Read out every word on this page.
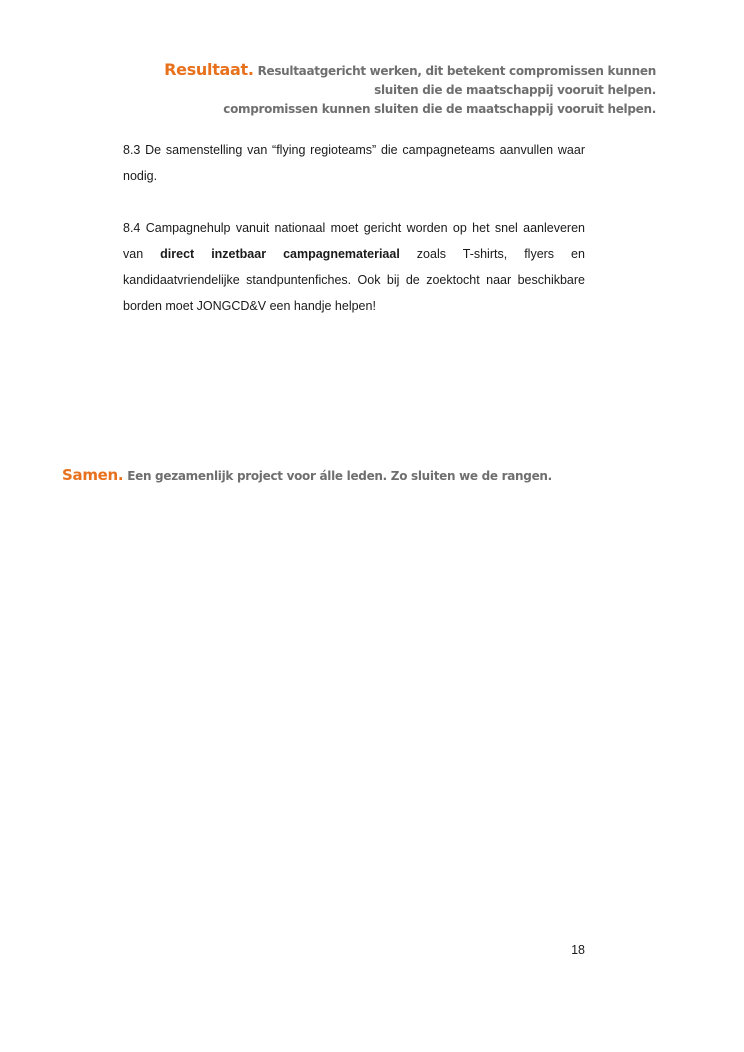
Resultaat. Resultaatgericht werken, dit betekent compromissen kunnen
sluiten die de maatschappij vooruit helpen.
compromissen kunnen sluiten die de maatschappij vooruit helpen.

8.3 De samenstelling van “flying regioteams” die campagneteams aanvullen waar nodig.

8.4 Campagnehulp vanuit nationaal moet gericht worden op het snel aanleveren van direct inzetbaar campagnemateriaal zoals T-shirts, flyers en kandidaatvriendelijke standpuntenfiches. Ook bij de zoektocht naar beschikbare borden moet JONGCD&V een handje helpen!

Samen. Een gezamenlijk project voor álle leden. Zo sluiten we de rangen.
18
